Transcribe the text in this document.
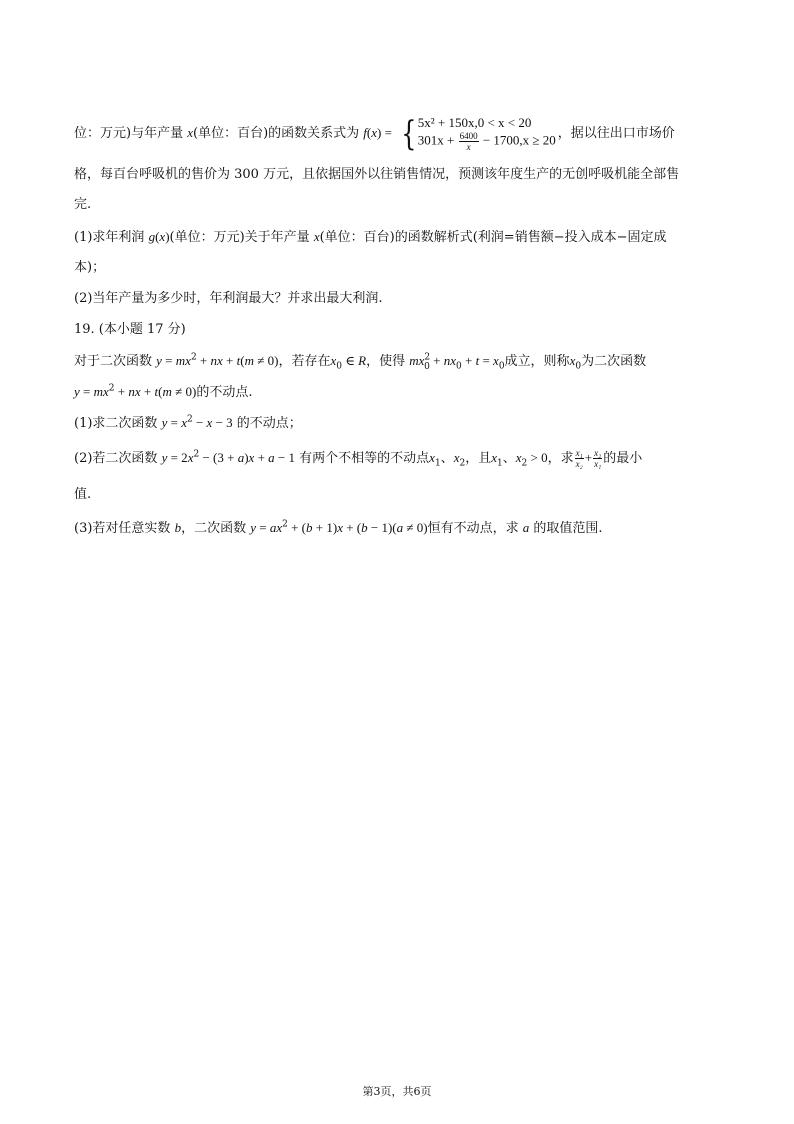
位：万元)与年产量 x(单位：百台)的函数关系式为 f(x) = { 5x² + 150x,0 < x < 20
$301x + \frac{6400}{x} - 1700,x \ge 20$ ，据以往出口市场价
格，每百台呼吸机的售价为 300 万元，且依据国外以往销售情况，预测该年度生产的无创呼吸机能全部售
完.
(1)求年利润 g(x)(单位：万元)关于年产量 x(单位：百台)的函数解析式(利润=销售额−投入成本−固定成
本)；
(2)当年产量为多少时，年利润最大？并求出最大利润.
19. (本小题 17 分)
对于二次函数 $y = mx^2$ + nx + t(m ≠ 0)，若存在$x_0$ ∈ R，使得 $mx^2_0 + nx_0 + t = x_0$成立，则称$x_0$为二次函数
$y = mx^2$ + nx + t(m ≠ 0)的不动点.
(1)求二次函数 $y = x^2 - x - 3$ 的不动点；
(2)若二次函数 $y = 2x^2 - (3 + a)x + a - 1$ 有两个不相等的不动点$x_1$、$x_2$，且$x_1$、$x_2 > 0$，求 $\frac{\text{x₁}}{\text{x₂}} + \frac{\text{x₂}}{\text{x₁}}$ 的最小
值.
(3)若对任意实数 b，二次函数 $y = ax^2 + (b + 1)x + (b - 1)(a \ne 0)$恒有不动点，求 a 的取值范围.
第3页，共6页
